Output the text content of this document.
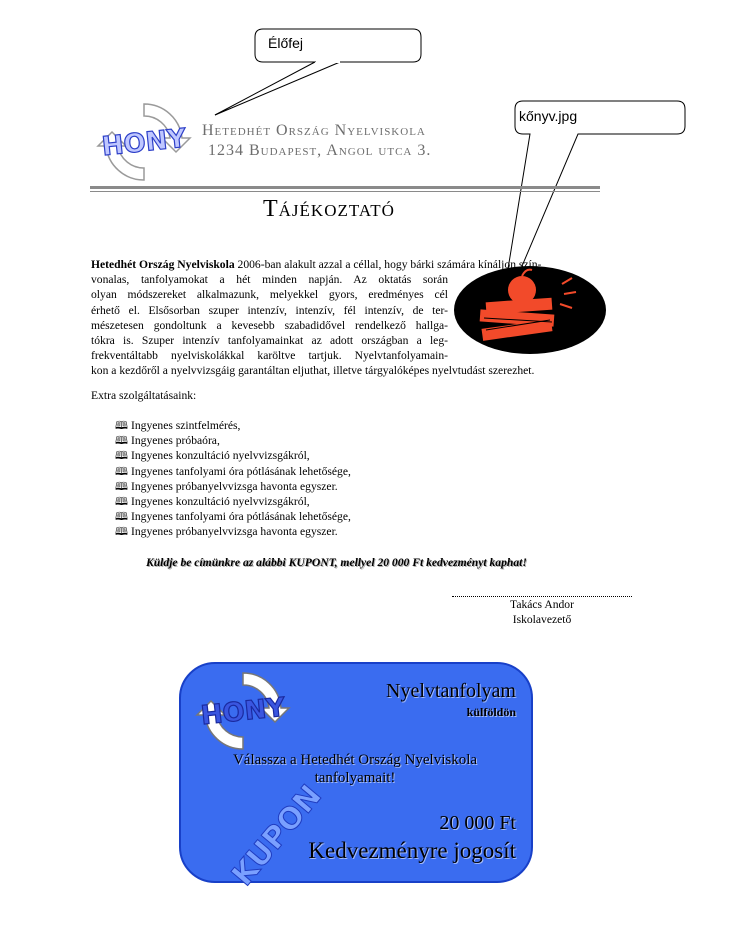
Élőfej
kőnyv.jpg
HONY Hetedhét Ország Nyelviskola
1234 Budapest, Angol utca 3.
Tájékoztató
Hetedhét Ország Nyelviskola 2006-ban alakult azzal a céllal, hogy bárki számára kínáljon szín-
vonalas, tanfolyamokat a hét minden napján. Az oktatás során
olyan módszereket alkalmazunk, melyekkel gyors, eredményes cél
érhető el. Elsősorban szuper intenzív, intenzív, fél intenzív, de ter-
mészetesen gondoltunk a kevesebb szabadidővel rendelkező hallga-
tókra is. Szuper intenzív tanfolyamainkat az adott országban a leg-
frekventáltabb nyelviskolákkal karöltve tartjuk. Nyelvtanfolyamain-
kon a kezdőről a nyelvvizsgáig garantáltan eljuthat, illetve tárgyalóképes nyelvtudást szerezhet.
Extra szolgáltatásaink:
🕮 Ingyenes szintfelmérés,
🕮 Ingyenes próbaóra,
🕮 Ingyenes konzultáció nyelvvizsgákról,
🕮 Ingyenes tanfolyami óra pótlásának lehetősége,
🕮 Ingyenes próbanyelvvizsga havonta egyszer.
🕮 Ingyenes konzultáció nyelvvizsgákról,
🕮 Ingyenes tanfolyami óra pótlásának lehetősége,
🕮 Ingyenes próbanyelvvizsga havonta egyszer.
Küldje be címünkre az alábbi KUPONT, mellyel 20 000 Ft kedvezményt kaphat!
Takács Andor
Iskolavezető
KUPON
HONY
Nyelvtanfolyam
külföldön
Válassza a Hetedhét Ország Nyelviskola
tanfolyamait!
20 000 Ft
Kedvezményre jogosít
